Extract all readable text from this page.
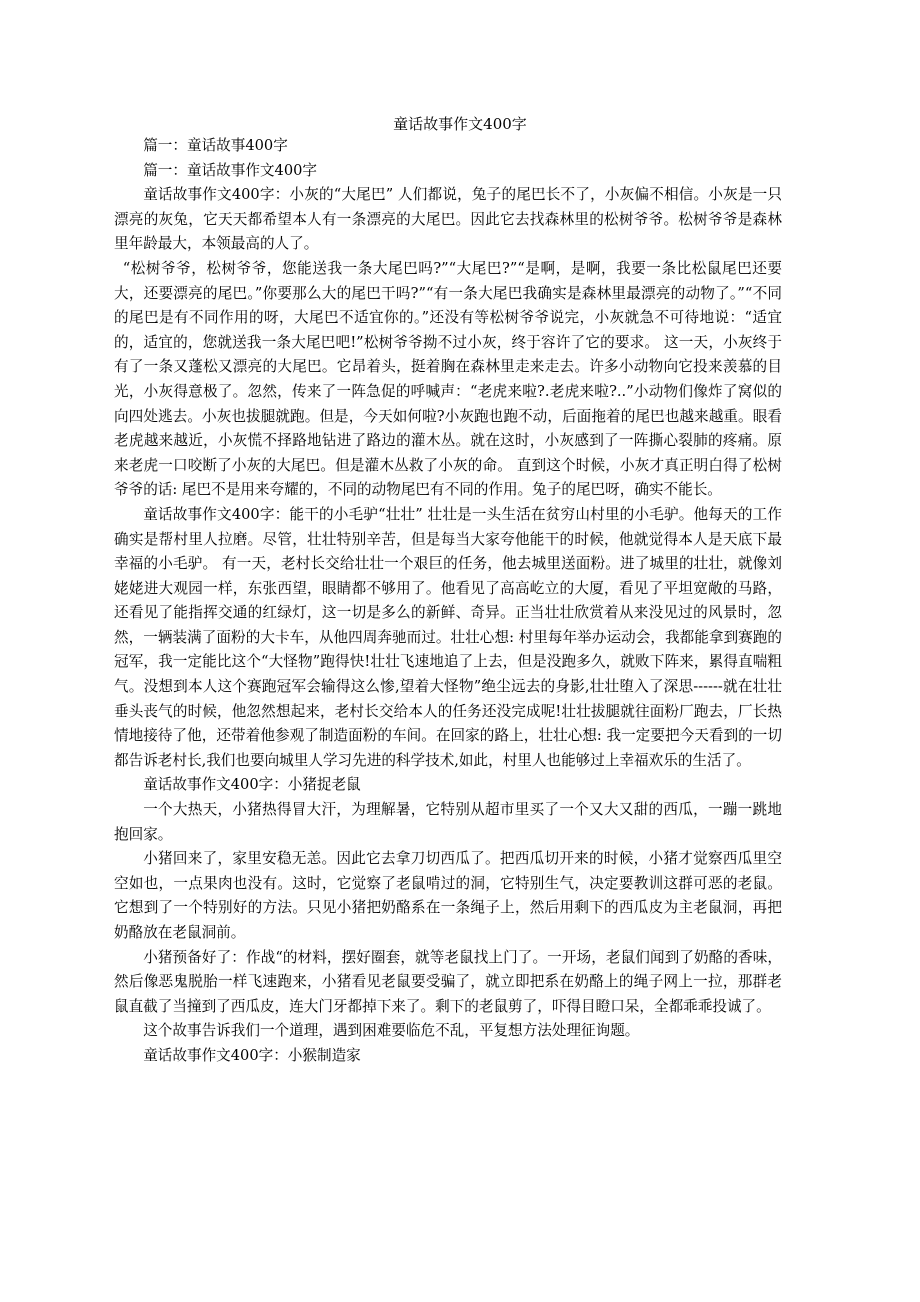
童话故事作文400字

篇一：童话故事400字

篇一：童话故事作文400字

童话故事作文400字：小灰的“大尾巴” 人们都说，兔子的尾巴长不了，小灰偏不相信。小灰是一只漂亮的灰兔，它天天都希望本人有一条漂亮的大尾巴。因此它去找森林里的松树爷爷。松树爷爷是森林里年龄最大，本领最高的人了。

“松树爷爷，松树爷爷，您能送我一条大尾巴吗?”“大尾巴?”“是啊，是啊，我要一条比松鼠尾巴还要大，还要漂亮的尾巴。”你要那么大的尾巴干吗?”“有一条大尾巴我确实是森林里最漂亮的动物了。”“不同的尾巴是有不同作用的呀，大尾巴不适宜你的。”还没有等松树爷爷说完，小灰就急不可待地说：“适宜的，适宜的，您就送我一条大尾巴吧!”松树爷爷拗不过小灰，终于容许了它的要求。 这一天，小灰终于有了一条又蓬松又漂亮的大尾巴。它昂着头，挺着胸在森林里走来走去。许多小动物向它投来羡慕的目光，小灰得意极了。忽然，传来了一阵急促的呼喊声：“老虎来啦?.老虎来啦?..”小动物们像炸了窝似的向四处逃去。小灰也拔腿就跑。但是，今天如何啦?小灰跑也跑不动，后面拖着的尾巴也越来越重。眼看老虎越来越近，小灰慌不择路地钻进了路边的灌木丛。就在这时，小灰感到了一阵撕心裂肺的疼痛。原来老虎一口咬断了小灰的大尾巴。但是灌木丛救了小灰的命。 直到这个时候，小灰才真正明白得了松树爷爷的话: 尾巴不是用来夸耀的，不同的动物尾巴有不同的作用。兔子的尾巴呀，确实不能长。

童话故事作文400字：能干的小毛驴“壮壮” 壮壮是一头生活在贫穷山村里的小毛驴。他每天的工作确实是帮村里人拉磨。尽管，壮壮特别辛苦，但是每当大家夸他能干的时候，他就觉得本人是天底下最幸福的小毛驴。 有一天，老村长交给壮壮一个艰巨的任务，他去城里送面粉。进了城里的壮壮，就像刘姥姥进大观园一样，东张西望，眼睛都不够用了。他看见了高高屹立的大厦，看见了平坦宽敞的马路，还看见了能指挥交通的红绿灯，这一切是多么的新鲜、奇异。正当壮壮欣赏着从来没见过的风景时，忽然，一辆装满了面粉的大卡车，从他四周奔驰而过。壮壮心想: 村里每年举办运动会，我都能拿到赛跑的冠军，我一定能比这个“大怪物”跑得快!壮壮飞速地追了上去，但是没跑多久，就败下阵来，累得直喘粗气。没想到本人这个赛跑冠军会输得这么惨,望着大怪物”绝尘远去的身影,壮壮堕入了深思------就在壮壮垂头丧气的时候，他忽然想起来，老村长交给本人的任务还没完成呢!壮壮拔腿就往面粉厂跑去，厂长热情地接待了他，还带着他参观了制造面粉的车间。在回家的路上，壮壮心想: 我一定要把今天看到的一切都告诉老村长,我们也要向城里人学习先进的科学技术,如此，村里人也能够过上幸福欢乐的生活了。

童话故事作文400字：小猪捉老鼠

一个大热天，小猪热得冒大汗，为理解暑，它特别从超市里买了一个又大又甜的西瓜，一蹦一跳地抱回家。

小猪回来了，家里安稳无恙。因此它去拿刀切西瓜了。把西瓜切开来的时候，小猪才觉察西瓜里空空如也，一点果肉也没有。这时，它觉察了老鼠啃过的洞，它特别生气，决定要教训这群可恶的老鼠。它想到了一个特别好的方法。只见小猪把奶酪系在一条绳子上，然后用剩下的西瓜皮为主老鼠洞，再把奶酪放在老鼠洞前。

小猪预备好了：作战“的材料，摆好圈套，就等老鼠找上门了。一开场，老鼠们闻到了奶酪的香味，然后像恶鬼脱胎一样飞速跑来，小猪看见老鼠要受骗了，就立即把系在奶酪上的绳子网上一拉，那群老鼠直截了当撞到了西瓜皮，连大门牙都掉下来了。剩下的老鼠剪了，吓得目瞪口呆，全都乖乖投诚了。

这个故事告诉我们一个道理，遇到困难要临危不乱，平复想方法处理征询题。

童话故事作文400字：小猴制造家
